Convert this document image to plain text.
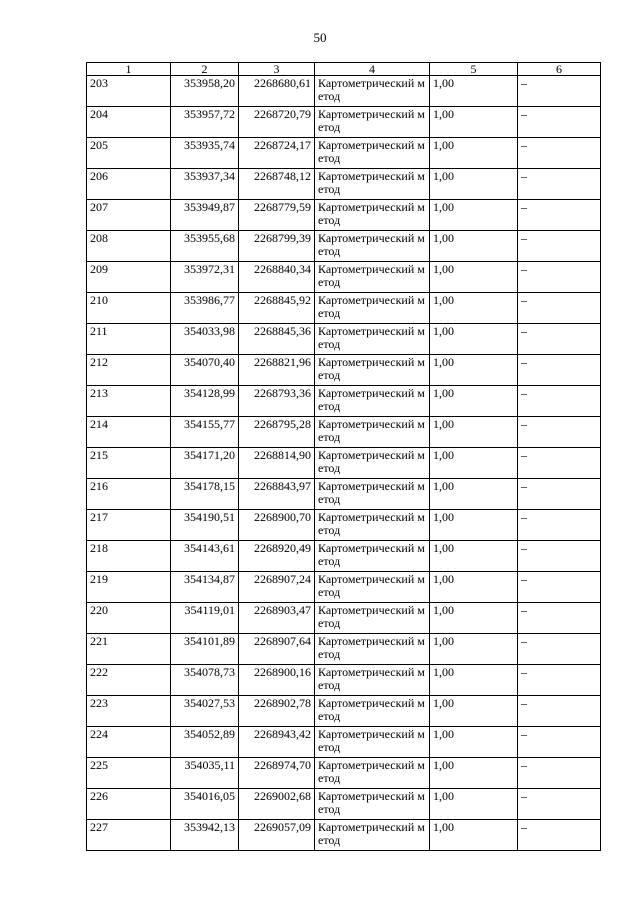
50
1	2	3	4	5	6
203	353958,20	2268680,61	Картометрический метод	1,00	–
204	353957,72	2268720,79	Картометрический метод	1,00	–
205	353935,74	2268724,17	Картометрический метод	1,00	–
206	353937,34	2268748,12	Картометрический метод	1,00	–
207	353949,87	2268779,59	Картометрический метод	1,00	–
208	353955,68	2268799,39	Картометрический метод	1,00	–
209	353972,31	2268840,34	Картометрический метод	1,00	–
210	353986,77	2268845,92	Картометрический метод	1,00	–
211	354033,98	2268845,36	Картометрический метод	1,00	–
212	354070,40	2268821,96	Картометрический метод	1,00	–
213	354128,99	2268793,36	Картометрический метод	1,00	–
214	354155,77	2268795,28	Картометрический метод	1,00	–
215	354171,20	2268814,90	Картометрический метод	1,00	–
216	354178,15	2268843,97	Картометрический метод	1,00	–
217	354190,51	2268900,70	Картометрический метод	1,00	–
218	354143,61	2268920,49	Картометрический метод	1,00	–
219	354134,87	2268907,24	Картометрический метод	1,00	–
220	354119,01	2268903,47	Картометрический метод	1,00	–
221	354101,89	2268907,64	Картометрический метод	1,00	–
222	354078,73	2268900,16	Картометрический метод	1,00	–
223	354027,53	2268902,78	Картометрический метод	1,00	–
224	354052,89	2268943,42	Картометрический метод	1,00	–
225	354035,11	2268974,70	Картометрический метод	1,00	–
226	354016,05	2269002,68	Картометрический метод	1,00	–
227	353942,13	2269057,09	Картометрический метод	1,00	–
